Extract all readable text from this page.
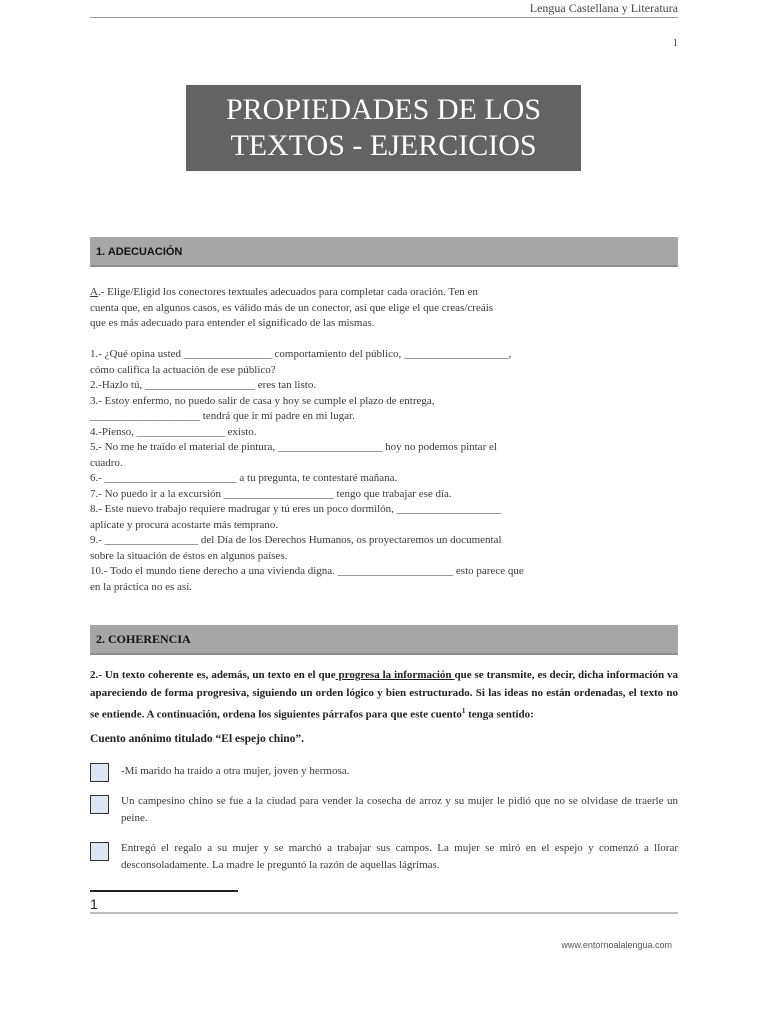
Lengua Castellana y Literatura
1
PROPIEDADES DE LOS
TEXTOS - EJERCICIOS
1. ADECUACIÓN

A.- Elige/Eligid los conectores textuales adecuados para completar cada oración. Ten en

cuenta que, en algunos casos, es válido más de un conector, así que elige el que creas/creáis

que es más adecuado para entender el significado de las mismas.

1.- ¿Qué opina usted ________________ comportamiento del público, ___________________,

cómo califica la actuación de ese público?

2.-Hazlo tú, ____________________ eres tan listo.

3.- Estoy enfermo, no puedo salir de casa y hoy se cumple el plazo de entrega,

____________________ tendrá que ir mi padre en mi lugar.

4.-Pienso, ________________ existo.

5.- No me he traído el material de pintura, ___________________ hoy no podemos pintar el

cuadro.

6.- ________________________ a tu pregunta, te contestaré mañana.

7.- No puedo ir a la excursión ____________________ tengo que trabajar ese día.

8.- Este nuevo trabajo requiere madrugar y tú eres un poco dormilón, ___________________

aplícate y procura acostarte más temprano.

9.- _________________ del Día de los Derechos Humanos, os proyectaremos un documental

sobre la situación de éstos en algunos países.

10.- Todo el mundo tiene derecho a una vivienda digna. _____________________ esto parece que

en la práctica no es así.

2. COHERENCIA
2.- Un texto coherente es, además, un texto en el que progresa la información que se transmite, es decir, dicha información va apareciendo de forma progresiva, siguiendo un orden lógico y bien estructurado. Si las ideas no están ordenadas, el texto no se entiende. A continuación, ordena los siguientes párrafos para que este cuento$^1$ tenga sentido:
Cuento anónimo titulado “El espejo chino”.
-Mi marido ha traído a otra mujer, joven y hermosa.
Un campesino chino se fue a la ciudad para vender la cosecha de arroz y su mujer le pidió que no se olvidase de traerle un peine.
Entregó el regalo a su mujer y se marchó a trabajar sus campos. La mujer se miró en el espejo y comenzó a llorar desconsoladamente. La madre le preguntó la razón de aquellas lágrimas.
1
www.entornoalalengua.com
